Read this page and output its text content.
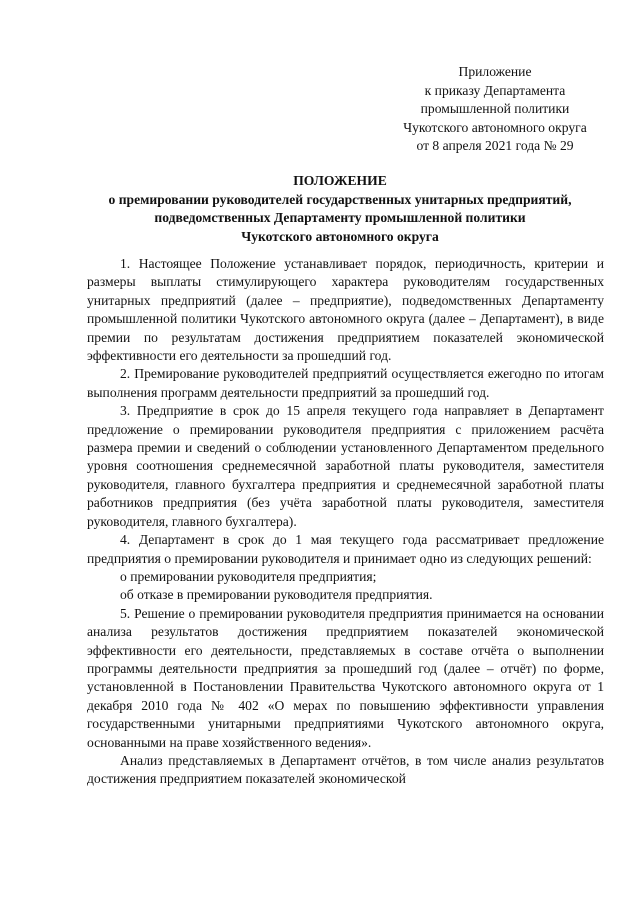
Приложение
к приказу Департамента
промышленной политики
Чукотского автономного округа
от 8 апреля 2021 года № 29
ПОЛОЖЕНИЕ
о премировании руководителей государственных унитарных предприятий,
подведомственных Департаменту промышленной политики
Чукотского автономного округа

1. Настоящее Положение устанавливает порядок, периодичность, критерии и размеры выплаты стимулирующего характера руководителям государственных унитарных предприятий (далее – предприятие), подведомственных Департаменту промышленной политики Чукотского автономного округа (далее – Департамент), в виде премии по результатам достижения предприятием показателей экономической эффективности его деятельности за прошедший год.

2. Премирование руководителей предприятий осуществляется ежегодно по итогам выполнения программ деятельности предприятий за прошедший год.

3. Предприятие в срок до 15 апреля текущего года направляет в Департамент предложение о премировании руководителя предприятия с приложением расчёта размера премии и сведений о соблюдении установленного Департаментом предельного уровня соотношения среднемесячной заработной платы руководителя, заместителя руководителя, главного бухгалтера предприятия и среднемесячной заработной платы работников предприятия (без учёта заработной платы руководителя, заместителя руководителя, главного бухгалтера).

4. Департамент в срок до 1 мая текущего года рассматривает предложение предприятия о премировании руководителя и принимает одно из следующих решений:

о премировании руководителя предприятия;

об отказе в премировании руководителя предприятия.

5. Решение о премировании руководителя предприятия принимается на основании анализа результатов достижения предприятием показателей экономической эффективности его деятельности, представляемых в составе отчёта о выполнении программы деятельности предприятия за прошедший год (далее – отчёт) по форме, установленной в Постановлении Правительства Чукотского автономного округа от 1 декабря 2010 года № 402 «О мерах по повышению эффективности управления государственными унитарными предприятиями Чукотского автономного округа, основанными на праве хозяйственного ведения».

Анализ представляемых в Департамент отчётов, в том числе анализ результатов достижения предприятием показателей экономической
